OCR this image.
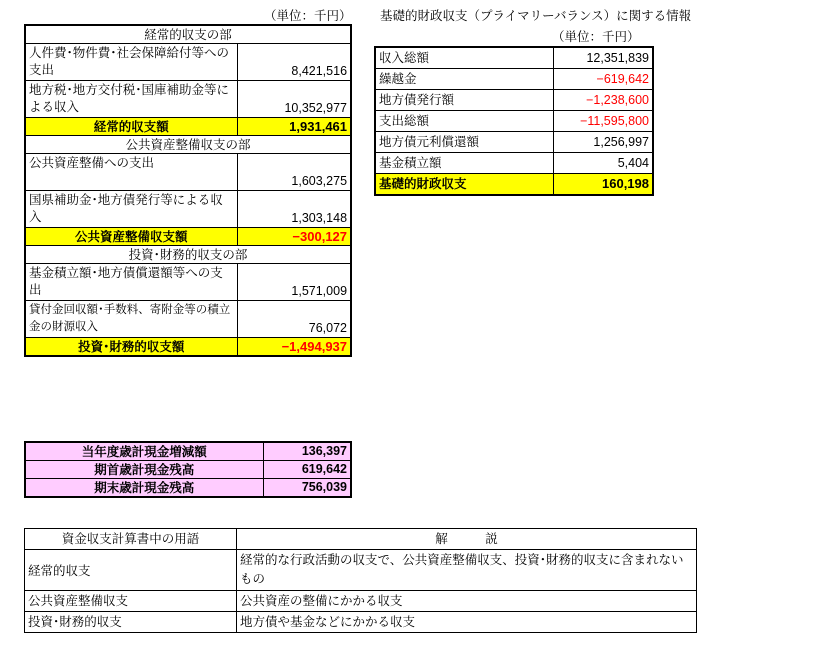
（単位：千円）
経常的収支の部	
人件費･物件費･社会保障給付等への支出	8,421,516
地方税･地方交付税･国庫補助金等による収入	10,352,977
経常的収支額	1,931,461
公共資産整備収支の部	
公共資産整備への支出	1,603,275
国県補助金･地方債発行等による収入	1,303,148
公共資産整備収支額	−300,127
投資･財務的収支の部	
基金積立額･地方債償還額等への支出	1,571,009
貸付金回収額･手数料、寄附金等の積立金の財源収入	76,072
投資･財務的収支額	−1,494,937
当年度歳計現金増減額	136,397
期首歳計現金残高	619,642
期末歳計現金残高	756,039
基礎的財政収支（プライマリーバランス）に関する情報
（単位：千円）
収入総額	12,351,839
繰越金	−619,642
地方債発行額	−1,238,600
支出総額	−11,595,800
地方債元利償還額	1,256,997
基金積立額	5,404
基礎的財政収支	160,198
資金収支計算書中の用語	解　　　説
経常的収支	経常的な行政活動の収支で、公共資産整備収支、投資･財務的収支に含まれないもの
公共資産整備収支	公共資産の整備にかかる収支
投資･財務的収支	地方債や基金などにかかる収支
